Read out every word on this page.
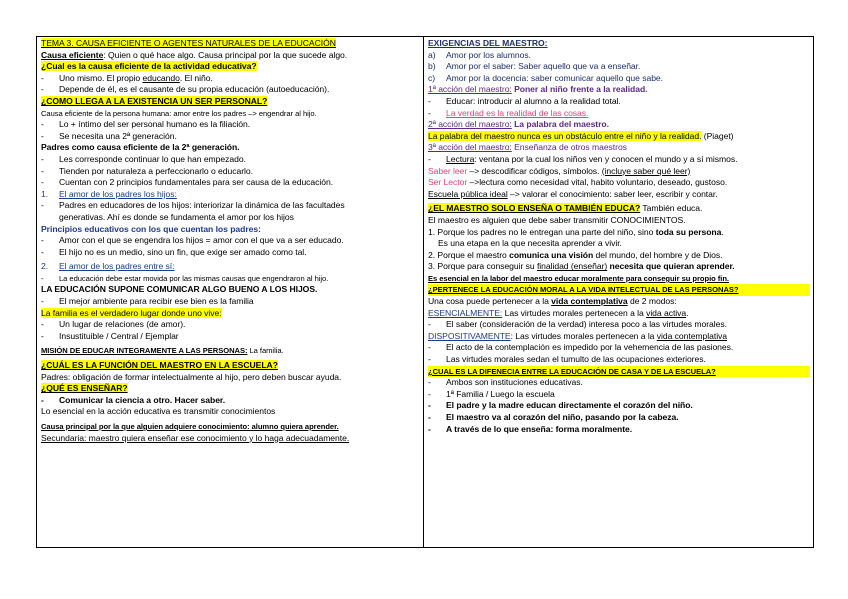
TEMA 3. CAUSA EFICIENTE O AGENTES NATURALES DE LA EDUCACIÓN
Causa eficiente: Quien o qué hace algo. Causa principal por la que sucede algo.
¿Cual es la causa eficiente de la actividad educativa?
- Uno mismo. El propio educando. El niño.
- Depende de él, es el causante de su propia educación (autoeducación).
¿COMO LLEGA A LA EXISTENCIA UN SER PERSONAL?
Causa eficiente de la persona humana: amor entre los padres –> engendrar al hijo.
- Lo + íntimo del ser personal humano es la filiación.
- Se necesita una 2ª generación.
Padres como causa eficiente de la 2ª generación.
- Les corresponde continuar lo que han empezado.
- Tienden por naturaleza a perfeccionarlo o educarlo.
- Cuentan con 2 principios fundamentales para ser causa de la educación.
1. El amor de los padres los hijos:
- Padres en educadores de los hijos: interiorizar la dinámica de las facultades
generativas. Ahí es donde se fundamenta el amor por los hijos
Principios educativos con los que cuentan los padres:
- Amor con el que se engendra los hijos = amor con el que va a ser educado.
- El hijo no es un medio, sino un fin, que exige ser amado como tal.
2. El amor de los padres entre sí:
- La educación debe estar movida por las mismas causas que engendraron al hijo.
LA EDUCACIÓN SUPONE COMUNICAR ALGO BUENO A LOS HIJOS.
- El mejor ambiente para recibir ese bien es la familia
La familia es el verdadero lugar donde uno vive:
- Un lugar de relaciones (de amor).
- Insustituible / Central / Ejemplar
MISIÓN DE EDUCAR INTEGRAMENTE A LAS PERSONAS: La familia.
¿CUÁL ES LA FUNCIÓN DEL MAESTRO EN LA ESCUELA?
Padres: obligación de formar intelectualmente al hijo, pero deben buscar ayuda.
¿QUÉ ES ENSEÑAR?
- Comunicar la ciencia a otro. Hacer saber.
Lo esencial en la acción educativa es transmitir conocimientos
Causa principal por la que alguien adquiere conocimiento: alumno quiera aprender.
Secundaria: maestro quiera enseñar ese conocimiento y lo haga adecuadamente.
EXIGENCIAS DEL MAESTRO:
a) Amor por los alumnos.
b) Amor por el saber: Saber aquello que va a enseñar.
c) Amor por la docencia: saber comunicar aquello que sabe.
1ª acción del maestro: Poner al niño frente a la realidad.
- Educar: introducir al alumno a la realidad total.
- La verdad es la realidad de las cosas.
2ª acción del maestro: La palabra del maestro.
La palabra del maestro nunca es un obstáculo entre el niño y la realidad. (Piaget)
3ª acción del maestro: Enseñanza de otros maestros
- Lectura: ventana por la cual los niños ven y conocen el mundo y a sí mismos.
Saber leer –> descodificar códigos, símbolos. (incluye saber qué leer)
Ser Lector –>lectura como necesidad vital, habito voluntario, deseado, gustoso.
Escuela pública ideal –> valorar el conocimiento: saber leer, escribir y contar.
¿EL MAESTRO SOLO ENSEÑA O TAMBIÉN EDUCA? También educa.
El maestro es alguien que debe saber transmitir CONOCIMIENTOS.
1. Porque los padres no le entregan una parte del niño, sino toda su persona.
Es una etapa en la que necesita aprender a vivir.
2. Porque el maestro comunica una visión del mundo, del hombre y de Dios.
3. Porque para conseguir su finalidad (enseñar) necesita que quieran aprender.
Es esencial en la labor del maestro educar moralmente para conseguir su propio fin.
¿PERTENECE LA EDUCACIÓN MORAL A LA VIDA INTELECTUAL DE LAS PERSONAS?
Una cosa puede pertenecer a la vida contemplativa de 2 modos:
ESENCIALMENTE: Las virtudes morales pertenecen a la vida activa.
- El saber (consideración de la verdad) interesa poco a las virtudes morales.
DISPOSITIVAMENTE: Las virtudes morales pertenecen a la vida contemplativa
- El acto de la contemplación es impedido por la vehemencia de las pasiones.
- Las virtudes morales sedan el tumulto de las ocupaciones exteriores.
¿CUAL ES LA DIFENECIA ENTRE LA EDUCACIÓN DE CASA Y DE LA ESCUELA?
- Ambos son instituciones educativas.
- 1ª Familia / Luego la escuela
- El padre y la madre educan directamente el corazón del niño.
- El maestro va al corazón del niño, pasando por la cabeza.
- A través de lo que enseña: forma moralmente.
